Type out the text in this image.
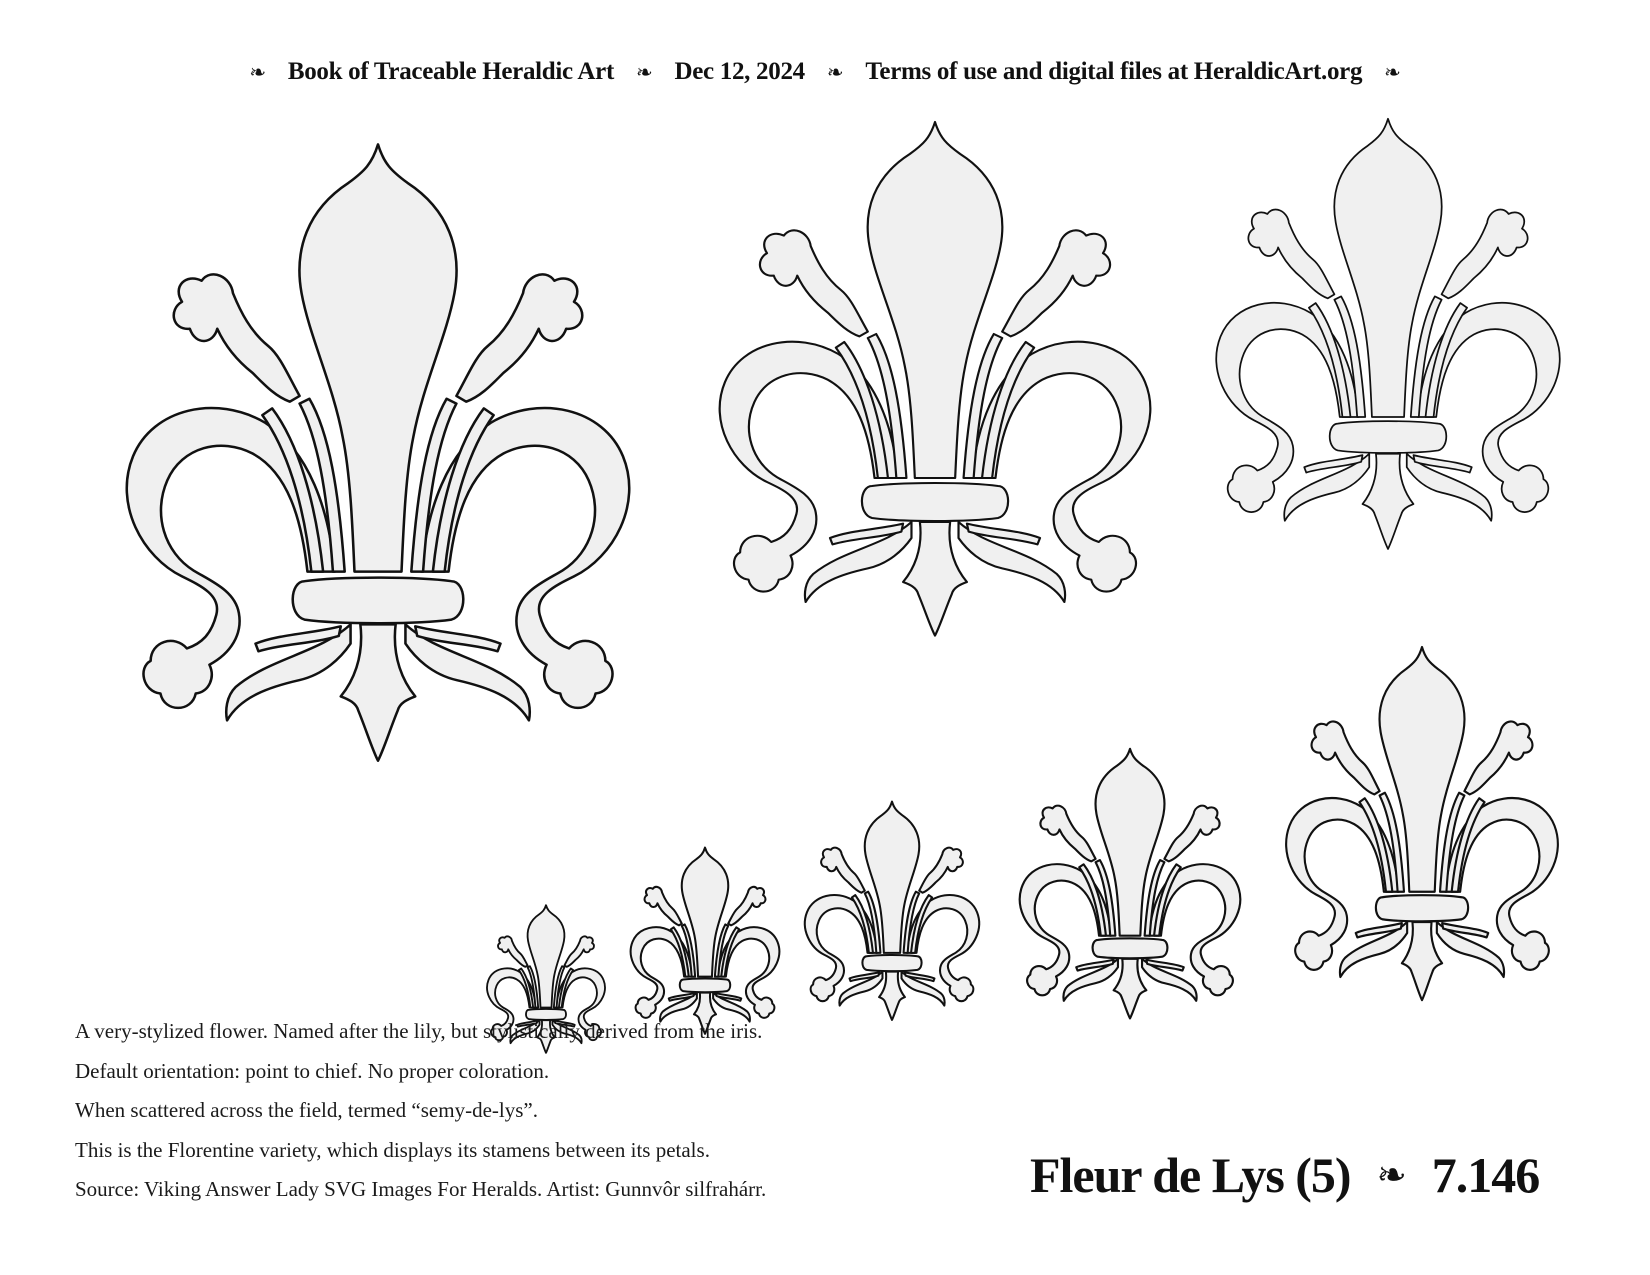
❧ Book of Traceable Heraldic Art ❧ Dec 12, 2024 ❧ Terms of use and digital files at HeraldicArt.org ❧
A very-stylized flower. Named after the lily, but stylistically derived from the iris.
Default orientation: point to chief. No proper coloration.
When scattered across the field, termed “semy-de-lys”.
This is the Florentine variety, which displays its stamens between its petals.
Source: Viking Answer Lady SVG Images For Heralds. Artist: Gunnvôr silfrahárr.	Fleur de Lys (5) ❧ 7.146
